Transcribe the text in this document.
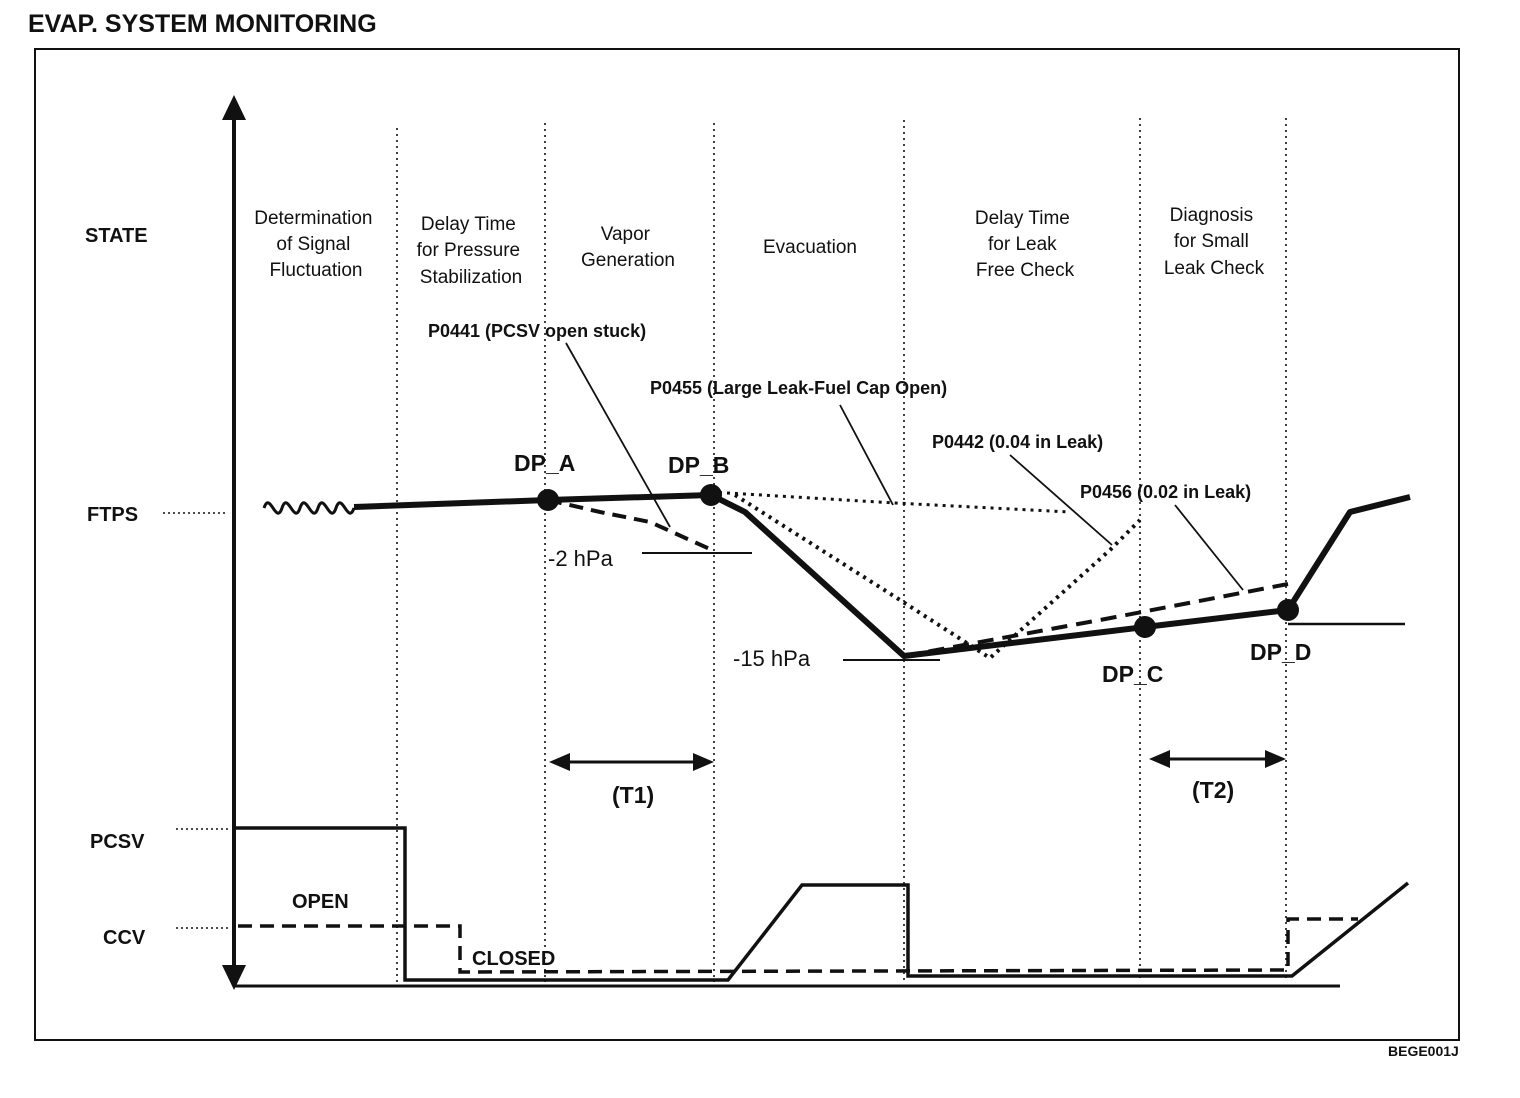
EVAP. SYSTEM MONITORING
STATE
FTPS
PCSV
CCV
Determination of Signal Fluctuation
Delay Time for Pressure Stabilization
Vapor Generation
Evacuation
Delay Time for Leak Free Check
Diagnosis for Small Leak Check
P0441 (PCSV open stuck)
P0455 (Large Leak-Fuel Cap Open)
P0442 (0.04 in Leak)
P0456 (0.02 in Leak)
-2 hPa
-15 hPa
DP_A	DP_B
DP_C
DP_D
(T1)	(T2)
OPEN
CLOSED
BEGE001J
